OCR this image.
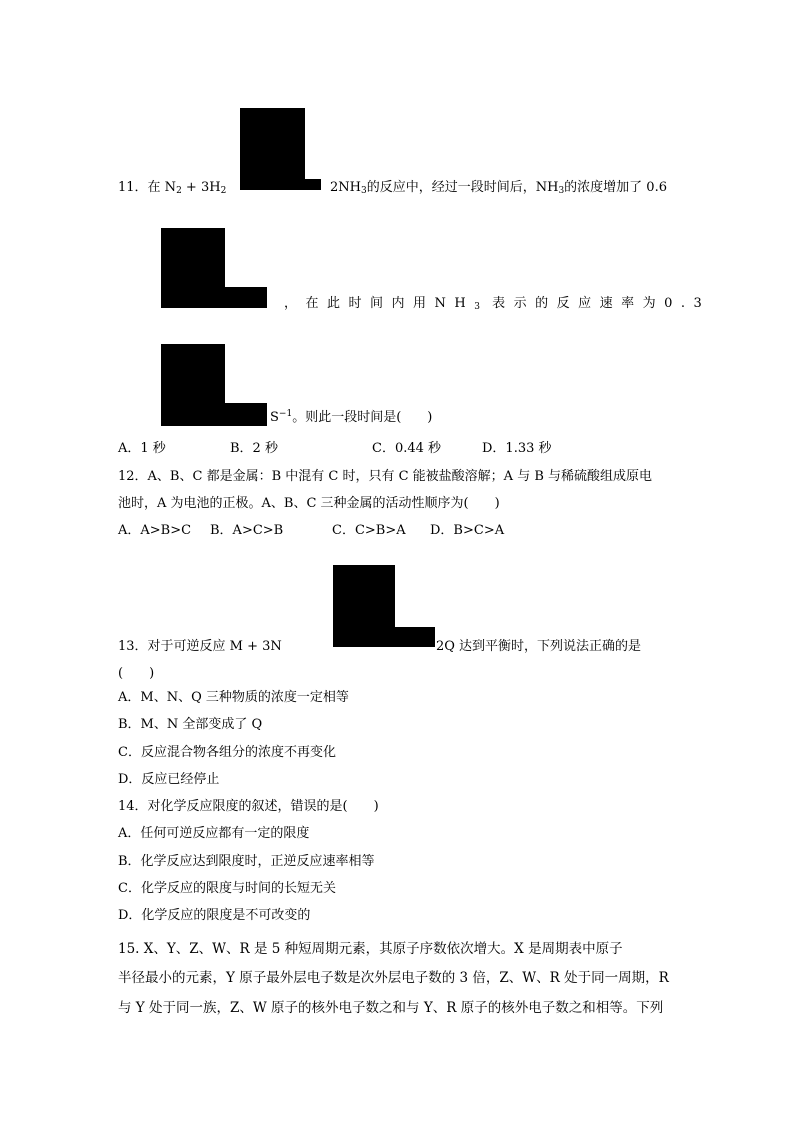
11．在 $N_2 + 3H_2$	$2NH_3$的反应中，经过一段时间后，$NH_3$的浓度增加了 0.6
，在此时间内用$NH_3$ 表示的反应速率为0.3
$S^{-1}$。则此一段时间是(　　)
A．1 秒	B．2 秒	C．0.44 秒	D．1.33 秒
12．A、B、C 都是金属：B 中混有 C 时，只有 C 能被盐酸溶解；A 与 B 与稀硫酸组成原电
池时，A 为电池的正极。A、B、C 三种金属的活动性顺序为(　　)
A．A>B>C B．A>C>B	C．C>B>A D．B>C>A
13．对于可逆反应 M + 3N	2Q 达到平衡时，下列说法正确的是
(　　)
A．M、N、Q 三种物质的浓度一定相等
B．M、N 全部变成了 Q
C．反应混合物各组分的浓度不再变化
D．反应已经停止
14．对化学反应限度的叙述，错误的是(　　)
A．任何可逆反应都有一定的限度
B．化学反应达到限度时，正逆反应速率相等
C．化学反应的限度与时间的长短无关
D．化学反应的限度是不可改变的
15. X、Y、Z、W、R 是 5 种短周期元素，其原子序数依次增大。X 是周期表中原子
半径最小的元素，Y 原子最外层电子数是次外层电子数的 3 倍，Z、W、R 处于同一周期，R
与 Y 处于同一族，Z、W 原子的核外电子数之和与 Y、R 原子的核外电子数之和相等。下列
